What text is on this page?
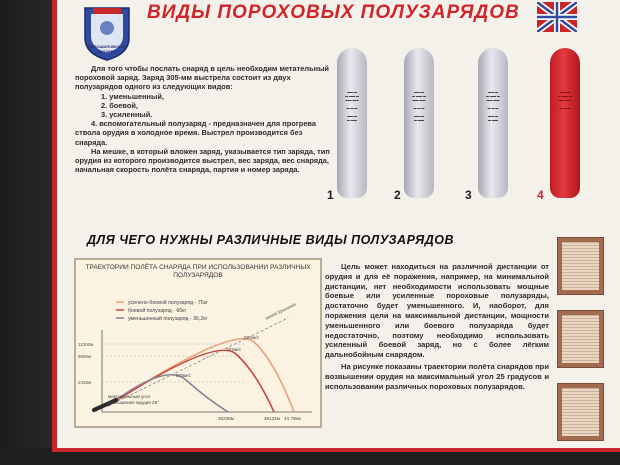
ВОРОШИЛОВСКАЯ БАТАРЕЯ
ВИДЫ ПОРОХОВЫХ ПОЛУЗАРЯДОВ

Для того чтобы послать снаряд в цель необходим метательный пороховой заряд. Заряд 305-мм выстрела состоит из двух полузарядов одного из следующих видов:

1. уменьшенный,
2. боевой,
3. усиленный.

4. вспомогательный полузаряд - предназначен для прогрева ствола орудия в холодное время. Выстрел производится без снаряда.

На мешке, в который вложен заряд, указывается тип заряда, тип орудия из которого производится выстрел, вес заряда, вес снаряда, начальная скорость полёта снаряда, партия и номер заряда.

▬▬ ▬
▬ ▬▬ ▬
▬▬ ▬▬

▬ ▬ ▬

▬▬ ▬
▬ ▬▬
▬▬ ▬
▬ ▬▬ ▬
▬▬ ▬▬

▬ ▬ ▬

▬▬ ▬
▬ ▬▬
▬▬ ▬
▬ ▬▬ ▬
▬▬ ▬▬

▬ ▬ ▬

▬▬ ▬
▬ ▬▬
▬▬ ▬
▬ ▬▬ ▬
▬▬ ▬▬

▬ ▬ ▬
1	2	3	4
ДЛЯ ЧЕГО НУЖНЫ РАЗЛИЧНЫЕ ВИДЫ ПОЛУЗАРЯДОВ
ТРАЕКТОРИИ ПОЛЁТА СНАРЯДА ПРИ ИСПОЛЬЗОВАНИИ РАЗЛИЧНЫХ ПОЛУЗАРЯДОВ
усилено-боевой полузаряд - 76кг
боевой полузаряд - 66кг
уменьшенный полузаряд - 36,2кг
11000м
9550м
2435м
линия бросания
822м/с
44 79км
762м/с
36132м
578м/с
26236м
максимальный угол
возвышения орудия 25°

Цель может находиться на различной дистанции от орудия и для её поражения, например, на минимальной дистанции, нет необходимости использовать мощные боевые или усиленные пороховые полузаряды, достаточно будет уменьшенного. И, наоборот, для поражения цели на максимальной дистанции, мощности уменьшенного или боевого полузаряда будет недостаточно, поэтому необходимо использовать усиленный боевой заряд, но с более лёгким дальнобойным снарядом.

На рисунке показаны траектории полёта снарядов при возвышении орудия на максимальный угол 25 градусов и использовании различных пороховых полузарядов.
